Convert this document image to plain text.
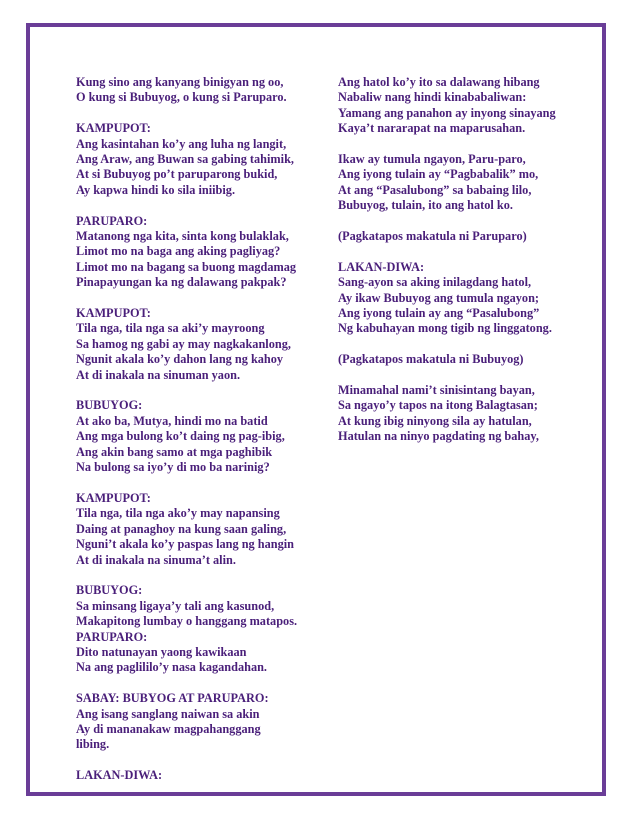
Kung sino ang kanyang binigyan ng oo,
O kung si Bubuyog, o kung si Paruparo.
KAMPUPOT:
Ang kasintahan ko’y ang luha ng langit,
Ang Araw, ang Buwan sa gabing tahimik,
At si Bubuyog po’t paruparong bukid,
Ay kapwa hindi ko sila iniibig.
PARUPARO:
Matanong nga kita, sinta kong bulaklak,
Limot mo na baga ang aking pagliyag?
Limot mo na bagang sa buong magdamag
Pinapayungan ka ng dalawang pakpak?
KAMPUPOT:
Tila nga, tila nga sa aki’y mayroong
Sa hamog ng gabi ay may nagkakanlong,
Ngunit akala ko’y dahon lang ng kahoy
At di inakala na sinuman yaon.
BUBUYOG:
At ako ba, Mutya, hindi mo na batid
Ang mga bulong ko’t daing ng pag-ibig,
Ang akin bang samo at mga paghibik
Na bulong sa iyo’y di mo ba narinig?
KAMPUPOT:
Tila nga, tila nga ako’y may napansing
Daing at panaghoy na kung saan galing,
Nguni’t akala ko’y paspas lang ng hangin
At di inakala na sinuma’t alin.
BUBUYOG:
Sa minsang ligaya’y tali ang kasunod,
Makapitong lumbay o hanggang matapos.
PARUPARO:
Dito natunayan yaong kawikaan
Na ang paglililo’y nasa kagandahan.
SABAY: BUBYOG AT PARUPARO:
Ang isang sanglang naiwan sa akin
Ay di mananakaw magpahanggang
libing.
LAKAN-DIWA:
Ang hatol ko’y ito sa dalawang hibang
Nabaliw nang hindi kinababaliwan:
Yamang ang panahon ay inyong sinayang
Kaya’t nararapat na maparusahan.
Ikaw ay tumula ngayon, Paru-paro,
Ang iyong tulain ay “Pagbabalik” mo,
At ang “Pasalubong” sa babaing lilo,
Bubuyog, tulain, ito ang hatol ko.
(Pagkatapos makatula ni Paruparo)
LAKAN-DIWA:
Sang-ayon sa aking inilagdang hatol,
Ay ikaw Bubuyog ang tumula ngayon;
Ang iyong tulain ay ang “Pasalubong”
Ng kabuhayan mong tigib ng linggatong.
(Pagkatapos makatula ni Bubuyog)
Minamahal nami’t sinisintang bayan,
Sa ngayo’y tapos na itong Balagtasan;
At kung ibig ninyong sila ay hatulan,
Hatulan na ninyo pagdating ng bahay,
